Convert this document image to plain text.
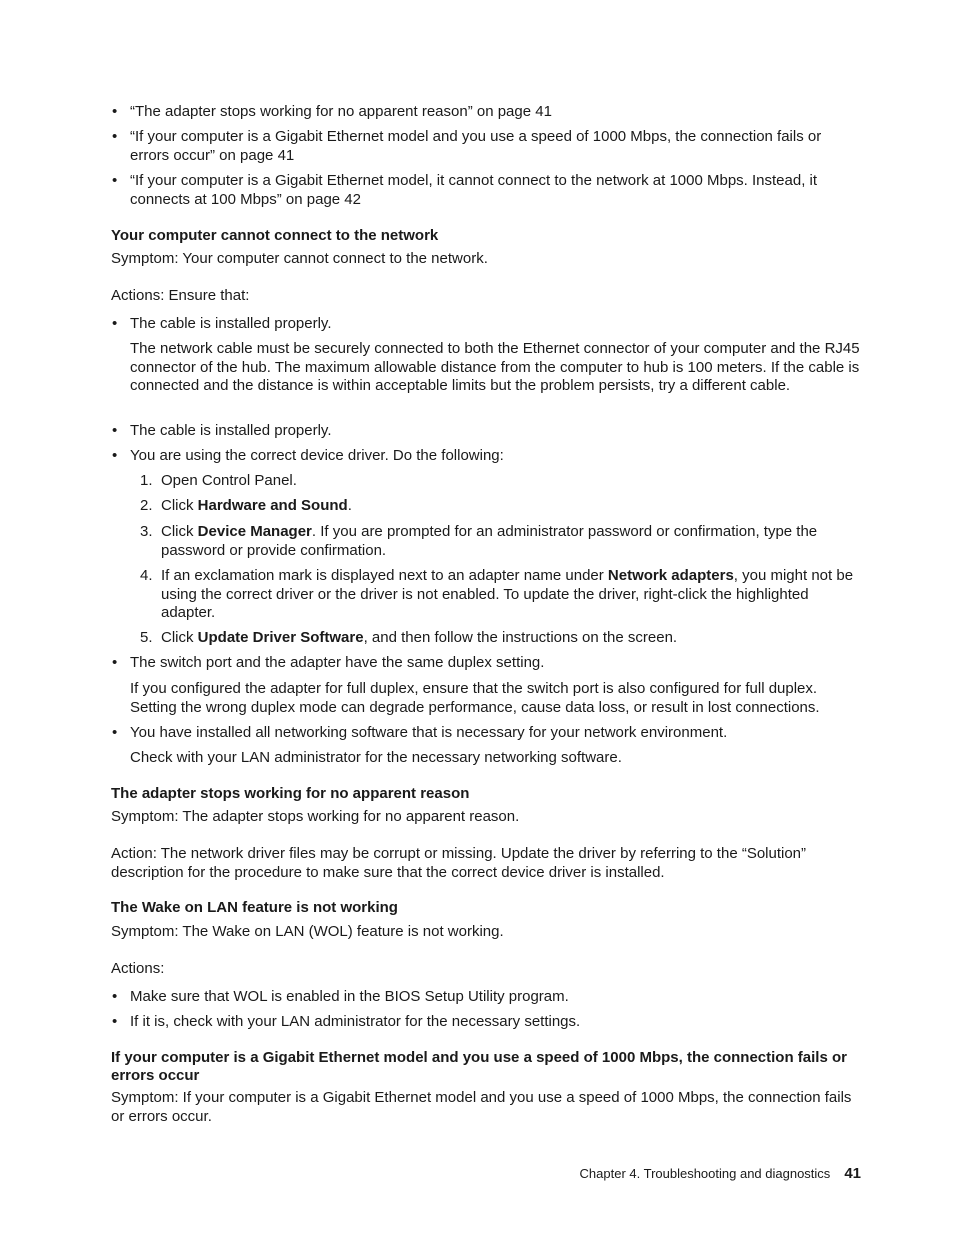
• “The adapter stops working for no apparent reason” on page 41
• “If your computer is a Gigabit Ethernet model and you use a speed of 1000 Mbps, the connection fails or errors occur” on page 41
• “If your computer is a Gigabit Ethernet model, it cannot connect to the network at 1000 Mbps. Instead, it connects at 100 Mbps” on page 42
Your computer cannot connect to the network
Symptom: Your computer cannot connect to the network.
Actions: Ensure that:
• The cable is installed properly.
The network cable must be securely connected to both the Ethernet connector of your computer and the RJ45 connector of the hub. The maximum allowable distance from the computer to hub is 100 meters. If the cable is connected and the distance is within acceptable limits but the problem persists, try a different cable.
• The cable is installed properly.
• You are using the correct device driver. Do the following:
1. Open Control Panel.
2. Click Hardware and Sound.
3. Click Device Manager. If you are prompted for an administrator password or confirmation, type the password or provide confirmation.
4. If an exclamation mark is displayed next to an adapter name under Network adapters, you might not be using the correct driver or the driver is not enabled. To update the driver, right-click the highlighted adapter.
5. Click Update Driver Software, and then follow the instructions on the screen.
• The switch port and the adapter have the same duplex setting.
If you configured the adapter for full duplex, ensure that the switch port is also configured for full duplex. Setting the wrong duplex mode can degrade performance, cause data loss, or result in lost connections.
• You have installed all networking software that is necessary for your network environment.
Check with your LAN administrator for the necessary networking software.
The adapter stops working for no apparent reason
Symptom: The adapter stops working for no apparent reason.
Action: The network driver files may be corrupt or missing. Update the driver by referring to the “Solution” description for the procedure to make sure that the correct device driver is installed.
The Wake on LAN feature is not working
Symptom: The Wake on LAN (WOL) feature is not working.
Actions:
• Make sure that WOL is enabled in the BIOS Setup Utility program.
• If it is, check with your LAN administrator for the necessary settings.
If your computer is a Gigabit Ethernet model and you use a speed of 1000 Mbps, the connection fails or errors occur
Symptom: If your computer is a Gigabit Ethernet model and you use a speed of 1000 Mbps, the connection fails or errors occur.
Chapter 4. Troubleshooting and diagnostics 41
